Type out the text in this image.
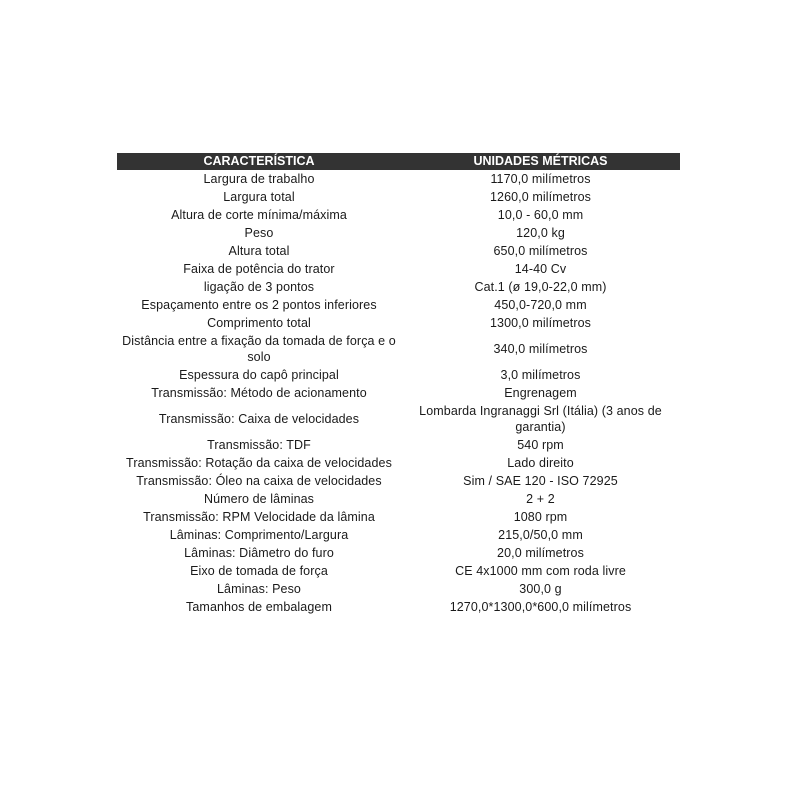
CARACTERÍSTICA	UNIDADES MÉTRICAS
Largura de trabalho	1170,0 milímetros
Largura total	1260,0 milímetros
Altura de corte mínima/máxima	10,0 - 60,0 mm
Peso	120,0 kg
Altura total	650,0 milímetros
Faixa de potência do trator	14-40 Cv
ligação de 3 pontos	Cat.1 (ø 19,0-22,0 mm)
Espaçamento entre os 2 pontos inferiores	450,0-720,0 mm
Comprimento total	1300,0 milímetros
Distância entre a fixação da tomada de força e o solo	340,0 milímetros
Espessura do capô principal	3,0 milímetros
Transmissão: Método de acionamento	Engrenagem
Transmissão: Caixa de velocidades	Lombarda Ingranaggi Srl (Itália) (3 anos de garantia)
Transmissão: TDF	540 rpm
Transmissão: Rotação da caixa de velocidades	Lado direito
Transmissão: Óleo na caixa de velocidades	Sim / SAE 120 - ISO 72925
Número de lâminas	2 + 2
Transmissão: RPM Velocidade da lâmina	1080 rpm
Lâminas: Comprimento/Largura	215,0/50,0 mm
Lâminas: Diâmetro do furo	20,0 milímetros
Eixo de tomada de força	CE 4x1000 mm com roda livre
Lâminas: Peso	300,0 g
Tamanhos de embalagem	1270,0*1300,0*600,0 milímetros
